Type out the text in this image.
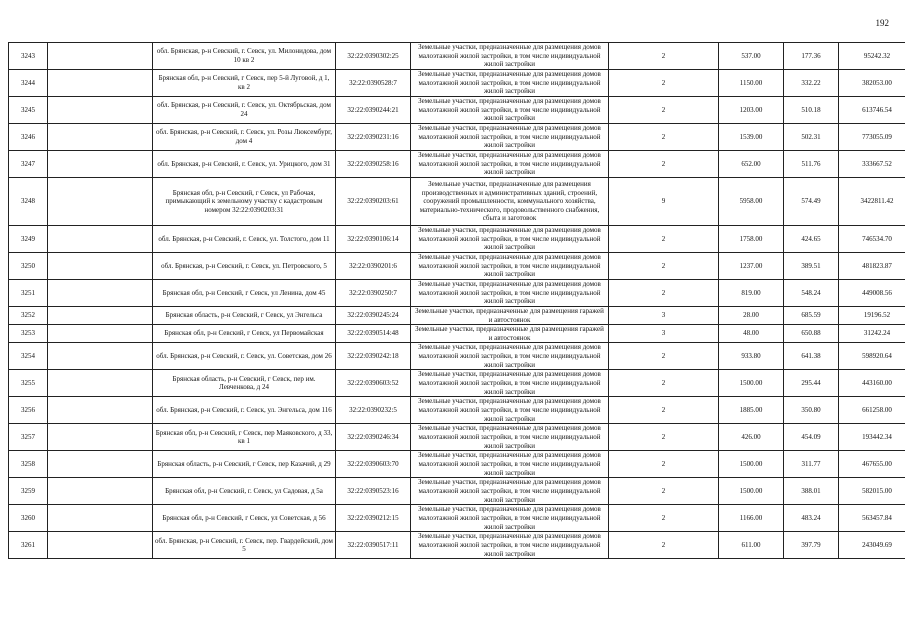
192
3243		обл. Брянская, р-н Севский, г. Севск, ул. Милонидова, дом 10 кв 2	32:22:0390302:25	Земельные участки, предназначенные для размещения домов малоэтажной жилой застройки, в том числе индивидуальной жилой застройки	2	537.00	177.36	95242.32
3244		Брянская обл, р-н Севский, г Севск, пер 5-й Луговой, д 1, кв 2	32:22:0390528:7	Земельные участки, предназначенные для размещения домов малоэтажной жилой застройки, в том числе индивидуальной жилой застройки	2	1150.00	332.22	382053.00
3245		обл. Брянская, р-н Севский, г. Севск, ул. Октябрьская, дом 24	32:22:0390244:21	Земельные участки, предназначенные для размещения домов малоэтажной жилой застройки, в том числе индивидуальной жилой застройки	2	1203.00	510.18	613746.54
3246		обл. Брянская, р-н Севский, г. Севск, ул. Розы Люксембург, дом 4	32:22:0390231:16	Земельные участки, предназначенные для размещения домов малоэтажной жилой застройки, в том числе индивидуальной жилой застройки	2	1539.00	502.31	773055.09
3247		обл. Брянская, р-н Севский, г. Севск, ул. Урицкого, дом 31	32:22:0390258:16	Земельные участки, предназначенные для размещения домов малоэтажной жилой застройки, в том числе индивидуальной жилой застройки	2	652.00	511.76	333667.52
3248		Брянская обл, р-н Севский, г Севск, ул Рабочая, примыкающий к земельному участку с кадастровым номером 32:22:0390203:31	32:22:0390203:61	Земельные участки, предназначенные для размещения производственных и административных зданий, строений, сооружений промышленности, коммунального хозяйства, материально-технического, продовольственного снабжения, сбыта и заготовок	9	5958.00	574.49	3422811.42
3249		обл. Брянская, р-н Севский, г. Севск, ул. Толстого, дом 11	32:22:0390106:14	Земельные участки, предназначенные для размещения домов малоэтажной жилой застройки, в том числе индивидуальной жилой застройки	2	1758.00	424.65	746534.70
3250		обл. Брянская, р-н Севский, г. Севск, ул. Петровского, 5	32:22:0390201:6	Земельные участки, предназначенные для размещения домов малоэтажной жилой застройки, в том числе индивидуальной жилой застройки	2	1237.00	389.51	481823.87
3251		Брянская обл, р-н Севский, г Севск, ул Ленина, дом 45	32:22:0390250:7	Земельные участки, предназначенные для размещения домов малоэтажной жилой застройки, в том числе индивидуальной жилой застройки	2	819.00	548.24	449008.56
3252		Брянская область, р-н Севский, г Севск, ул Энгельса	32:22:0390245:24	Земельные участки, предназначенные для размещения гаражей и автостоянок	3	28.00	685.59	19196.52
3253		Брянская обл, р-н Севский, г Севск, ул Первомайская	32:22:0390514:48	Земельные участки, предназначенные для размещения гаражей и автостоянок	3	48.00	650.88	31242.24
3254		обл. Брянская, р-н Севский, г. Севск, ул. Советская, дом 26	32:22:0390242:18	Земельные участки, предназначенные для размещения домов малоэтажной жилой застройки, в том числе индивидуальной жилой застройки	2	933.80	641.38	598920.64
3255		Брянская область, р-н Севский, г Севск, пер им. Левченкова, д 24	32:22:0390603:52	Земельные участки, предназначенные для размещения домов малоэтажной жилой застройки, в том числе индивидуальной жилой застройки	2	1500.00	295.44	443160.00
3256		обл. Брянская, р-н Севский, г. Севск, ул. Энгельса, дом 116	32:22:0390232:5	Земельные участки, предназначенные для размещения домов малоэтажной жилой застройки, в том числе индивидуальной жилой застройки	2	1885.00	350.80	661258.00
3257		Брянская обл, р-н Севский, г Севск, пер Маяковского, д 33, кв 1	32:22:0390246:34	Земельные участки, предназначенные для размещения домов малоэтажной жилой застройки, в том числе индивидуальной жилой застройки	2	426.00	454.09	193442.34
3258		Брянская область, р-н Севский, г Севск, пер Казачий, д 29	32:22:0390603:70	Земельные участки, предназначенные для размещения домов малоэтажной жилой застройки, в том числе индивидуальной жилой застройки	2	1500.00	311.77	467655.00
3259		Брянская обл, р-н Севский, г. Севск, ул Садовая, д 5а	32:22:0390523:16	Земельные участки, предназначенные для размещения домов малоэтажной жилой застройки, в том числе индивидуальной жилой застройки	2	1500.00	388.01	582015.00
3260		Брянская обл, р-н Севский, г Севск, ул Советская, д 56	32:22:0390212:15	Земельные участки, предназначенные для размещения домов малоэтажной жилой застройки, в том числе индивидуальной жилой застройки	2	1166.00	483.24	563457.84
3261		обл. Брянская, р-н Севский, г. Севск, пер. Гвардейский, дом 5	32:22:0390517:11	Земельные участки, предназначенные для размещения домов малоэтажной жилой застройки, в том числе индивидуальной жилой застройки	2	611.00	397.79	243049.69
